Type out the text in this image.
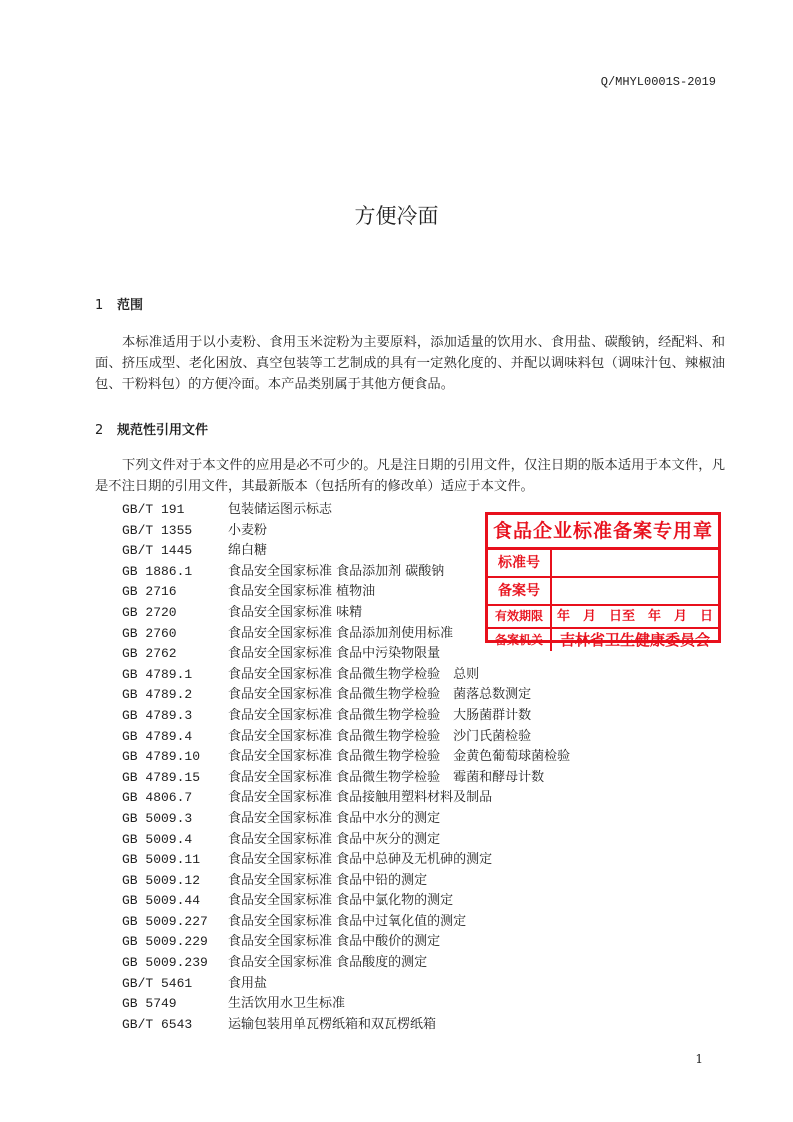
Q/MHYL0001S-2019
方便冷面
1 范围
本标准适用于以小麦粉、食用玉米淀粉为主要原料，添加适量的饮用水、食用盐、碳酸钠，经配料、和面、挤压成型、老化困放、真空包装等工艺制成的具有一定熟化度的、并配以调味料包（调味汁包、辣椒油包、干粉料包）的方便冷面。本产品类别属于其他方便食品。
2 规范性引用文件
下列文件对于本文件的应用是必不可少的。凡是注日期的引用文件，仅注日期的版本适用于本文件，凡是不注日期的引用文件，其最新版本（包括所有的修改单）适应于本文件。
GB/T 191	包装储运图示标志
GB/T 1355	小麦粉
GB/T 1445	绵白糖
GB 1886.1	食品安全国家标准 食品添加剂 碳酸钠
GB 2716	食品安全国家标准 植物油
GB 2720	食品安全国家标准 味精
GB 2760	食品安全国家标准 食品添加剂使用标准
GB 2762	食品安全国家标准 食品中污染物限量
GB 4789.1	食品安全国家标准 食品微生物学检验　总则
GB 4789.2	食品安全国家标准 食品微生物学检验　菌落总数测定
GB 4789.3	食品安全国家标准 食品微生物学检验　大肠菌群计数
GB 4789.4	食品安全国家标准 食品微生物学检验　沙门氏菌检验
GB 4789.10	食品安全国家标准 食品微生物学检验　金黄色葡萄球菌检验
GB 4789.15	食品安全国家标准 食品微生物学检验　霉菌和酵母计数
GB 4806.7	食品安全国家标准 食品接触用塑料材料及制品
GB 5009.3	食品安全国家标准 食品中水分的测定
GB 5009.4	食品安全国家标准 食品中灰分的测定
GB 5009.11	食品安全国家标准 食品中总砷及无机砷的测定
GB 5009.12	食品安全国家标准 食品中铅的测定
GB 5009.44	食品安全国家标准 食品中氯化物的测定
GB 5009.227	食品安全国家标准 食品中过氧化值的测定
GB 5009.229	食品安全国家标准 食品中酸价的测定
GB 5009.239	食品安全国家标准 食品酸度的测定
GB/T 5461	食用盐
GB 5749	生活饮用水卫生标准
GB/T 6543	运输包装用单瓦楞纸箱和双瓦楞纸箱
食品企业标准备案专用章
标准号
备案号
有效期限	年　月　日至　年　月　日
备案机关	吉林省卫生健康委员会
1
